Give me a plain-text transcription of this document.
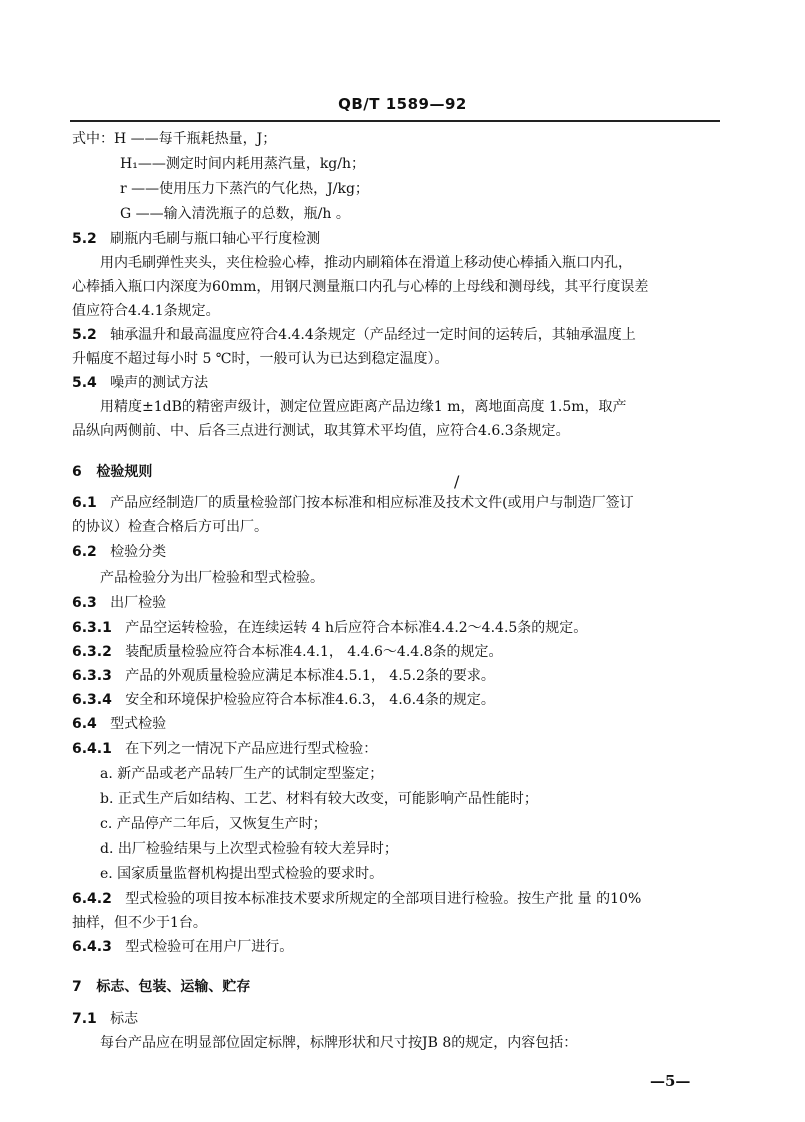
QB/T 1589—92
式中：H ——每千瓶耗热量，J；
H₁——测定时间内耗用蒸汽量，kg/h；
r ——使用压力下蒸汽的气化热，J/kg；
G ——输入清洗瓶子的总数，瓶/h 。
5.2 刷瓶内毛刷与瓶口轴心平行度检测
用内毛刷弹性夹头，夹住检验心棒，推动内刷箱体在滑道上移动使心棒插入瓶口内孔，
心棒插入瓶口内深度为60mm，用钢尺测量瓶口内孔与心棒的上母线和测母线，其平行度误差
值应符合4.4.1条规定。
5.2 轴承温升和最高温度应符合4.4.4条规定（产品经过一定时间的运转后，其轴承温度上
升幅度不超过每小时 5 ℃时，一般可认为已达到稳定温度）。
5.4 噪声的测试方法
用精度±1dB的精密声级计，测定位置应距离产品边缘1 m，离地面高度 1.5m，取产
品纵向两侧前、中、后各三点进行测试，取其算术平均值，应符合4.6.3条规定。
6 检验规则	/
6.1 产品应经制造厂的质量检验部门按本标准和相应标准及技术文件(或用户与制造厂签订
的协议）检查合格后方可出厂。
6.2 检验分类
产品检验分为出厂检验和型式检验。
6.3 出厂检验
6.3.1 产品空运转检验，在连续运转 4 h后应符合本标准4.4.2～4.4.5条的规定。
6.3.2 装配质量检验应符合本标准4.4.1， 4.4.6～4.4.8条的规定。
6.3.3 产品的外观质量检验应满足本标准4.5.1， 4.5.2条的要求。
6.3.4 安全和环境保护检验应符合本标准4.6.3， 4.6.4条的规定。
6.4 型式检验
6.4.1 在下列之一情况下产品应进行型式检验：
a. 新产品或老产品转厂生产的试制定型鉴定；
b. 正式生产后如结构、工艺、材料有较大改变，可能影响产品性能时；
c. 产品停产二年后，又恢复生产时；
d. 出厂检验结果与上次型式检验有较大差异时；
e. 国家质量监督机构提出型式检验的要求时。
6.4.2 型式检验的项目按本标准技术要求所规定的全部项目进行检验。按生产批 量 的10%
抽样，但不少于1台。
6.4.3 型式检验可在用户厂进行。
7 标志、包装、运输、贮存
7.1 标志
每台产品应在明显部位固定标牌，标牌形状和尺寸按JB 8的规定，内容包括：
—5—
